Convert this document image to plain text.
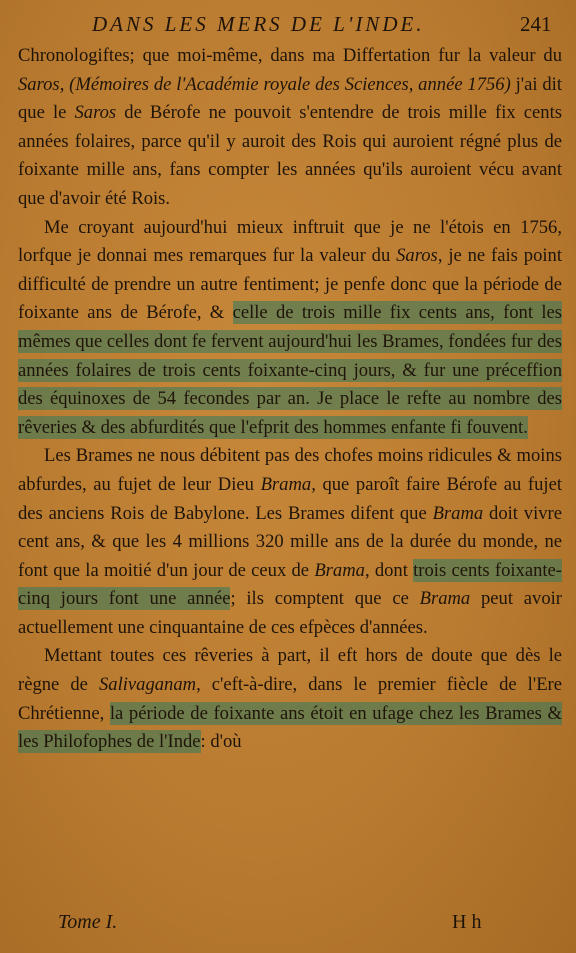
DANS LES MERS DE L'INDE.	241

Chronologiftes; que moi-même, dans ma Differtation fur la valeur du Saros, (Mémoires de l'Académie royale des Sciences, année 1756) j'ai dit que le Saros de Bérofe ne pouvoit s'entendre de trois mille fix cents années folaires, parce qu'il y auroit des Rois qui auroient régné plus de foixante mille ans, fans compter les années qu'ils auroient vécu avant que d'avoir été Rois.

Me croyant aujourd'hui mieux inftruit que je ne l'étois en 1756, lorfque je donnai mes remarques fur la valeur du Saros, je ne fais point difficulté de prendre un autre fentiment; je penfe donc que la période de foixante ans de Bérofe, & celle de trois mille fix cents ans, font les mêmes que celles dont fe fervent aujourd'hui les Brames, fondées fur des années folaires de trois cents foixante-cinq jours, & fur une préceffion des équinoxes de 54 fecondes par an. Je place le refte au nombre des rêveries & des abfurdités que l'efprit des hommes enfante fi fouvent.

Les Brames ne nous débitent pas des chofes moins ridicules & moins abfurdes, au fujet de leur Dieu Brama, que paroît faire Bérofe au fujet des anciens Rois de Babylone. Les Brames difent que Brama doit vivre cent ans, & que les 4 millions 320 mille ans de la durée du monde, ne font que la moitié d'un jour de ceux de Brama, dont trois cents foixante-cinq jours font une année; ils comptent que ce Brama peut avoir actuellement une cinquantaine de ces efpèces d'années.

Mettant toutes ces rêveries à part, il eft hors de doute que dès le règne de Salivaganam, c'eft-à-dire, dans le premier fiècle de l'Ere Chrétienne, la période de foixante ans étoit en ufage chez les Brames & les Philofophes de l'Inde: d'où

Tome I.	H h
